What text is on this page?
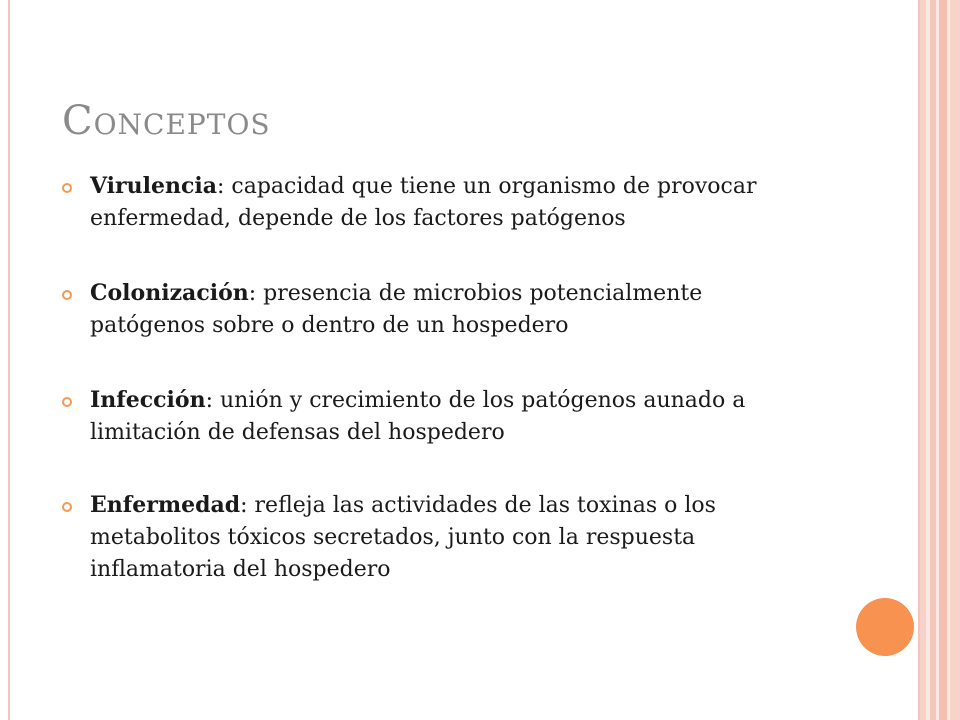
Conceptos
Virulencia: capacidad que tiene un organismo de provocar enfermedad, depende de los factores patógenos
Colonización: presencia de microbios potencialmente patógenos sobre o dentro de un hospedero
Infección: unión y crecimiento de los patógenos aunado a limitación de defensas del hospedero
Enfermedad: refleja las actividades de las toxinas o los metabolitos tóxicos secretados, junto con la respuesta inflamatoria del hospedero
